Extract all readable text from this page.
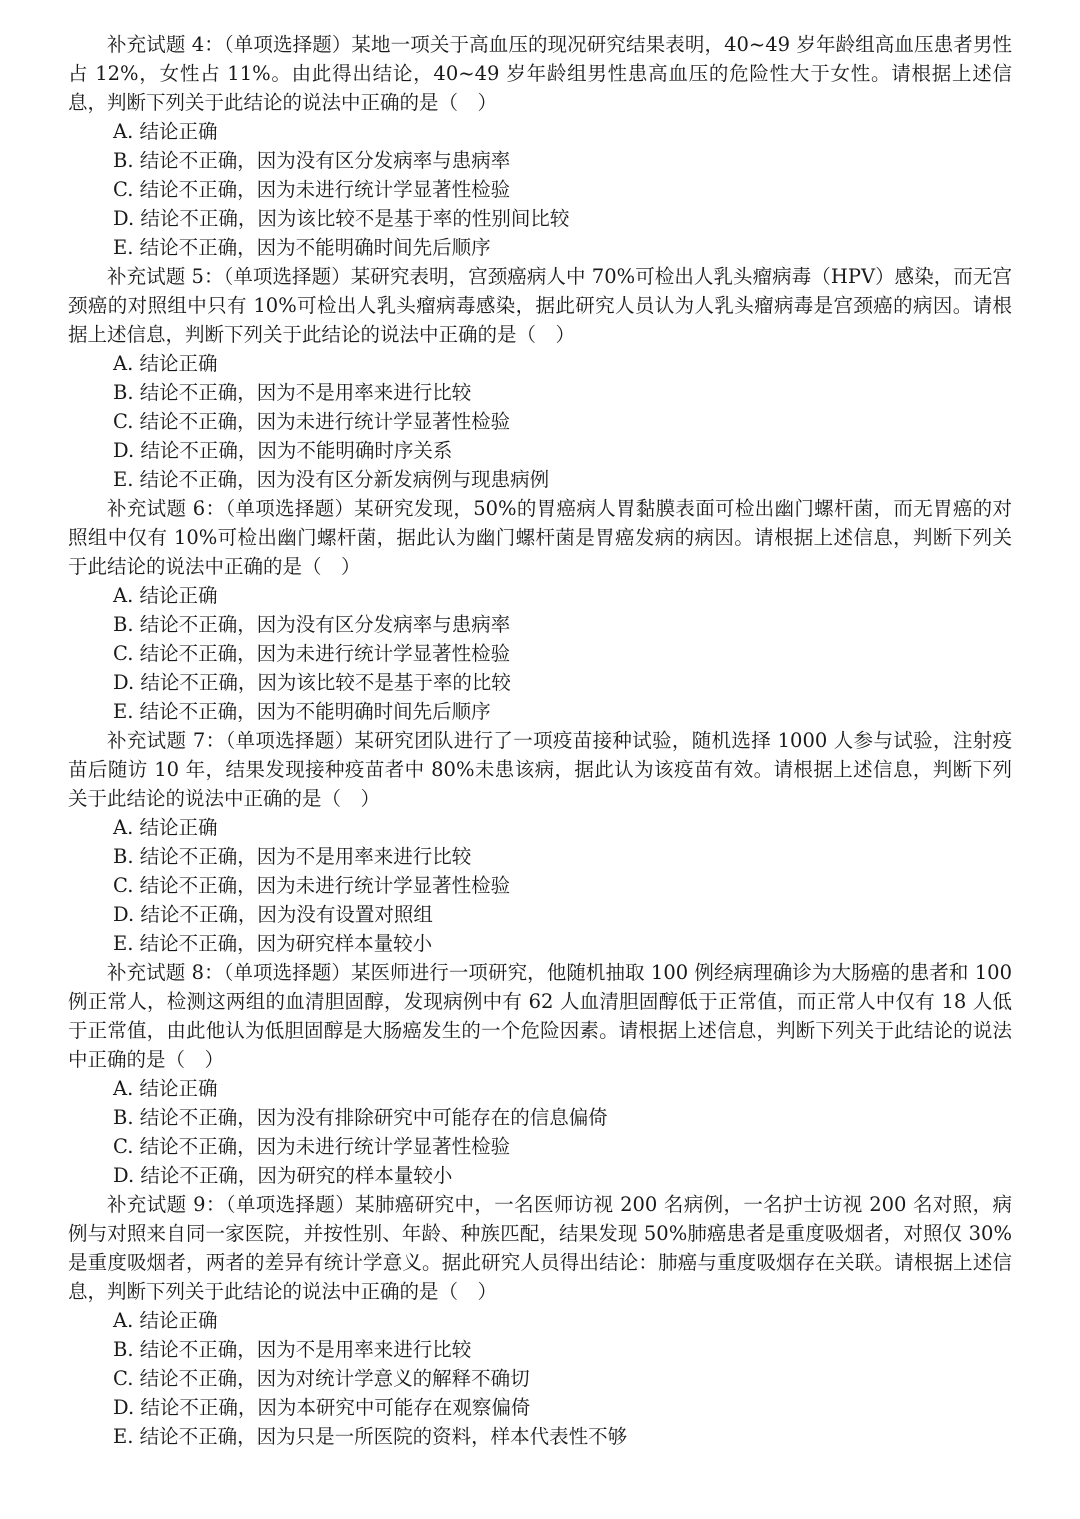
补充试题 4：（单项选择题）某地一项关于高血压的现况研究结果表明，40~49 岁年龄组高血压患者男性占 12%，女性占 11%。由此得出结论，40~49 岁年龄组男性患高血压的危险性大于女性。请根据上述信息，判断下列关于此结论的说法中正确的是（　）

A. 结论正确
B. 结论不正确，因为没有区分发病率与患病率
C. 结论不正确，因为未进行统计学显著性检验
D. 结论不正确，因为该比较不是基于率的性别间比较
E. 结论不正确，因为不能明确时间先后顺序

补充试题 5：（单项选择题）某研究表明，宫颈癌病人中 70%可检出人乳头瘤病毒（HPV）感染，而无宫颈癌的对照组中只有 10%可检出人乳头瘤病毒感染，据此研究人员认为人乳头瘤病毒是宫颈癌的病因。请根据上述信息，判断下列关于此结论的说法中正确的是（　）

A. 结论正确
B. 结论不正确，因为不是用率来进行比较
C. 结论不正确，因为未进行统计学显著性检验
D. 结论不正确，因为不能明确时序关系
E. 结论不正确，因为没有区分新发病例与现患病例

补充试题 6：（单项选择题）某研究发现，50%的胃癌病人胃黏膜表面可检出幽门螺杆菌，而无胃癌的对照组中仅有 10%可检出幽门螺杆菌，据此认为幽门螺杆菌是胃癌发病的病因。请根据上述信息，判断下列关于此结论的说法中正确的是（　）

A. 结论正确
B. 结论不正确，因为没有区分发病率与患病率
C. 结论不正确，因为未进行统计学显著性检验
D. 结论不正确，因为该比较不是基于率的比较
E. 结论不正确，因为不能明确时间先后顺序

补充试题 7：（单项选择题）某研究团队进行了一项疫苗接种试验，随机选择 1000 人参与试验，注射疫苗后随访 10 年，结果发现接种疫苗者中 80%未患该病，据此认为该疫苗有效。请根据上述信息，判断下列关于此结论的说法中正确的是（　）

A. 结论正确
B. 结论不正确，因为不是用率来进行比较
C. 结论不正确，因为未进行统计学显著性检验
D. 结论不正确，因为没有设置对照组
E. 结论不正确，因为研究样本量较小

补充试题 8：（单项选择题）某医师进行一项研究，他随机抽取 100 例经病理确诊为大肠癌的患者和 100 例正常人，检测这两组的血清胆固醇，发现病例中有 62 人血清胆固醇低于正常值，而正常人中仅有 18 人低于正常值，由此他认为低胆固醇是大肠癌发生的一个危险因素。请根据上述信息，判断下列关于此结论的说法中正确的是（　）

A. 结论正确
B. 结论不正确，因为没有排除研究中可能存在的信息偏倚
C. 结论不正确，因为未进行统计学显著性检验
D. 结论不正确，因为研究的样本量较小

补充试题 9：（单项选择题）某肺癌研究中，一名医师访视 200 名病例，一名护士访视 200 名对照，病例与对照来自同一家医院，并按性别、年龄、种族匹配，结果发现 50%肺癌患者是重度吸烟者，对照仅 30%是重度吸烟者，两者的差异有统计学意义。据此研究人员得出结论：肺癌与重度吸烟存在关联。请根据上述信息，判断下列关于此结论的说法中正确的是（　）

A. 结论正确
B. 结论不正确，因为不是用率来进行比较
C. 结论不正确，因为对统计学意义的解释不确切
D. 结论不正确，因为本研究中可能存在观察偏倚
E. 结论不正确，因为只是一所医院的资料，样本代表性不够
